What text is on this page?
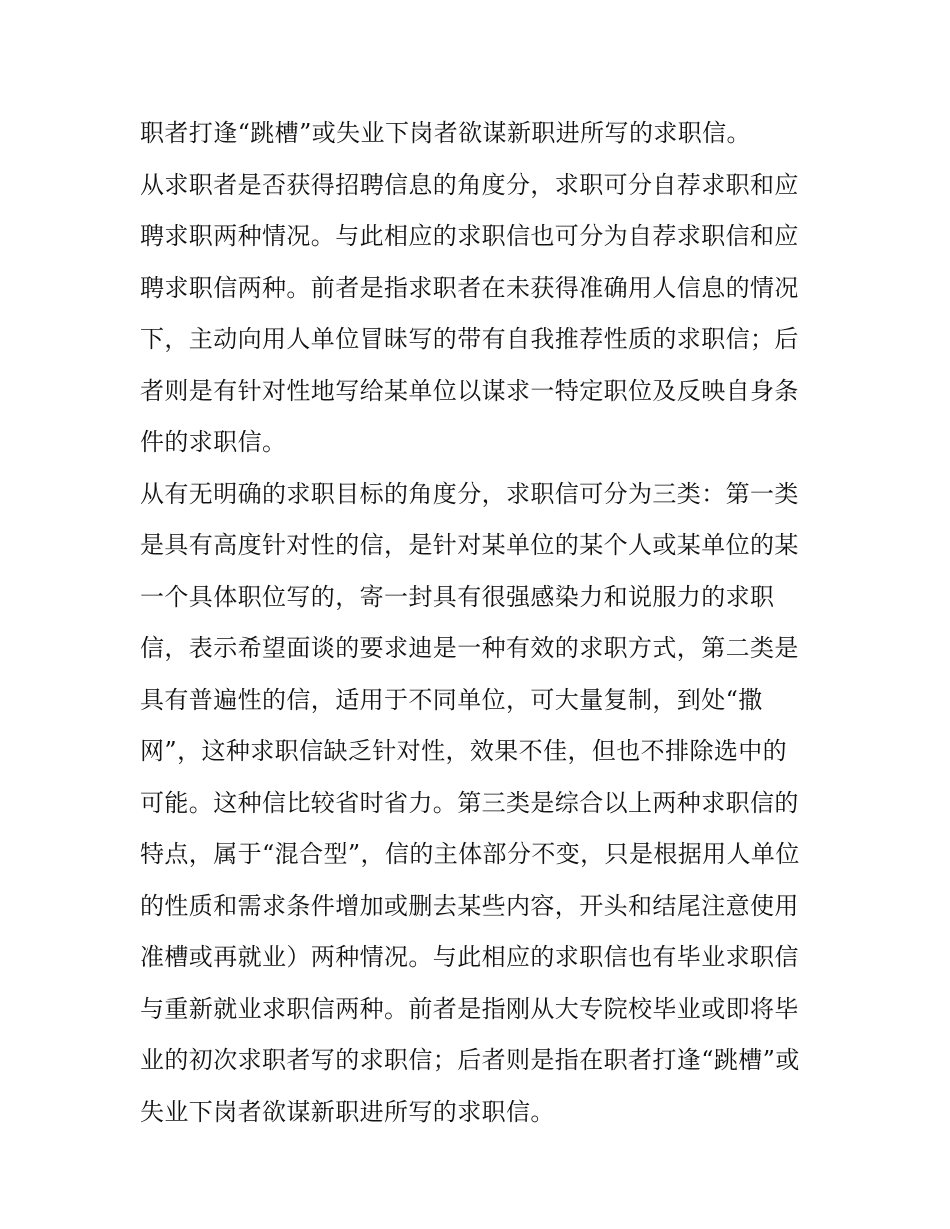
职者打逢“跳槽”或失业下岗者欲谋新职进所写的求职信。
从求职者是否获得招聘信息的角度分，求职可分自荐求职和应
聘求职两种情况。与此相应的求职信也可分为自荐求职信和应
聘求职信两种。前者是指求职者在未获得准确用人信息的情况
下，主动向用人单位冒昧写的带有自我推荐性质的求职信；后
者则是有针对性地写给某单位以谋求一特定职位及反映自身条
件的求职信。
从有无明确的求职目标的角度分，求职信可分为三类：第一类
是具有高度针对性的信，是针对某单位的某个人或某单位的某
一个具体职位写的，寄一封具有很强感染力和说服力的求职
信，表示希望面谈的要求迪是一种有效的求职方式，第二类是
具有普遍性的信，适用于不同单位，可大量复制，到处“撒
网”，这种求职信缺乏针对性，效果不佳，但也不排除选中的
可能。这种信比较省时省力。第三类是综合以上两种求职信的
特点，属于“混合型”，信的主体部分不变，只是根据用人单位
的性质和需求条件增加或删去某些内容，开头和结尾注意使用
准槽或再就业）两种情况。与此相应的求职信也有毕业求职信
与重新就业求职信两种。前者是指刚从大专院校毕业或即将毕
业的初次求职者写的求职信；后者则是指在职者打逢“跳槽”或
失业下岗者欲谋新职进所写的求职信。
